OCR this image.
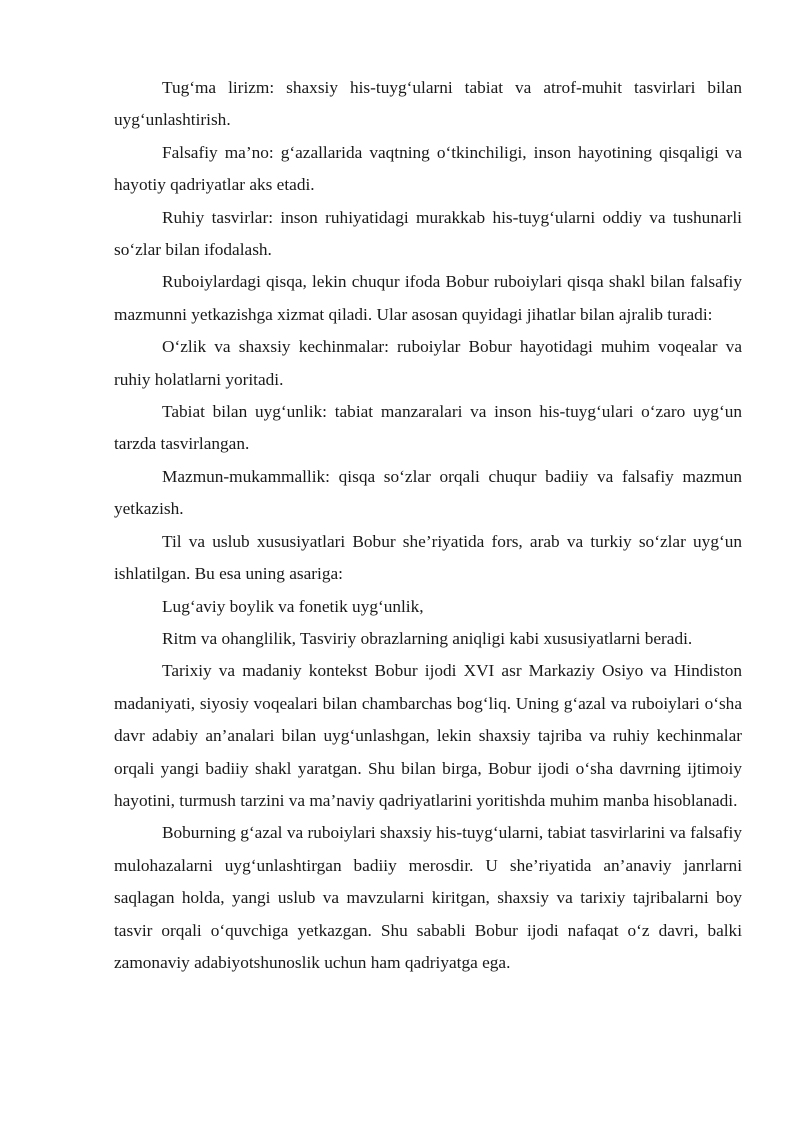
Tug‘ma lirizm: shaxsiy his-tuyg‘ularni tabiat va atrof-muhit tasvirlari bilan uyg‘unlashtirish.

Falsafiy ma’no: g‘azallarida vaqtning o‘tkinchiligi, inson hayotining qisqaligi va hayotiy qadriyatlar aks etadi.

Ruhiy tasvirlar: inson ruhiyatidagi murakkab his-tuyg‘ularni oddiy va tushunarli so‘zlar bilan ifodalash.

Ruboiylardagi qisqa, lekin chuqur ifoda Bobur ruboiylari qisqa shakl bilan falsafiy mazmunni yetkazishga xizmat qiladi. Ular asosan quyidagi jihatlar bilan ajralib turadi:

O‘zlik va shaxsiy kechinmalar: ruboiylar Bobur hayotidagi muhim voqealar va ruhiy holatlarni yoritadi.

Tabiat bilan uyg‘unlik: tabiat manzaralari va inson his-tuyg‘ulari o‘zaro uyg‘un tarzda tasvirlangan.

Mazmun-mukammallik: qisqa so‘zlar orqali chuqur badiiy va falsafiy mazmun yetkazish.

Til va uslub xususiyatlari Bobur she’riyatida fors, arab va turkiy so‘zlar uyg‘un ishlatilgan. Bu esa uning asariga:

Lug‘aviy boylik va fonetik uyg‘unlik,

Ritm va ohanglilik, Tasviriy obrazlarning aniqligi kabi xususiyatlarni beradi.

Tarixiy va madaniy kontekst Bobur ijodi XVI asr Markaziy Osiyo va Hindiston madaniyati, siyosiy voqealari bilan chambarchas bog‘liq. Uning g‘azal va ruboiylari o‘sha davr adabiy an’analari bilan uyg‘unlashgan, lekin shaxsiy tajriba va ruhiy kechinmalar orqali yangi badiiy shakl yaratgan. Shu bilan birga, Bobur ijodi o‘sha davrning ijtimoiy hayotini, turmush tarzini va ma’naviy qadriyatlarini yoritishda muhim manba hisoblanadi.

Boburning g‘azal va ruboiylari shaxsiy his-tuyg‘ularni, tabiat tasvirlarini va falsafiy mulohazalarni uyg‘unlashtirgan badiiy merosdir. U she’riyatida an’anaviy janrlarni saqlagan holda, yangi uslub va mavzularni kiritgan, shaxsiy va tarixiy tajribalarni boy tasvir orqali o‘quvchiga yetkazgan. Shu sababli Bobur ijodi nafaqat o‘z davri, balki zamonaviy adabiyotshunoslik uchun ham qadriyatga ega.
